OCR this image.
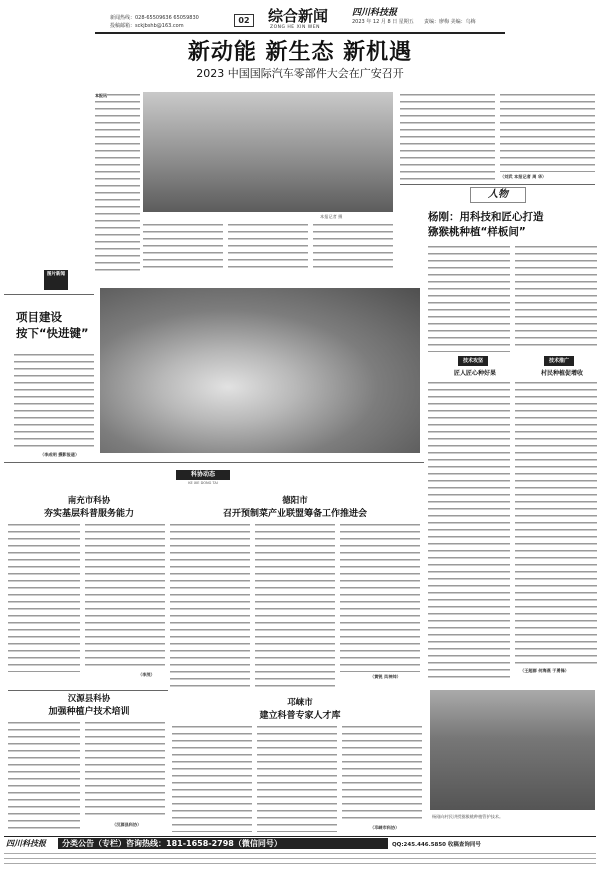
新闻热线：028-65509636 65059830
投稿邮箱：sckjbshb@163.com
02 综合新闻
ZONG HE XIN WEN
四川科技报
2023 年 12 月 8 日 星期五 责编：廖梅 美编：乌梅
新动能 新生态 新机遇
2023 中国国际汽车零部件大会在广安召开
本报讯
本报记者 摄
（刘武 本报记者 周 华）
人物
杨刚：用科技和匠心打造
猕猴桃种植“样板间”
技术攻坚
匠人匠心种好果
技术推广
村民种植促增收
（王超群 何海燕 于勇锋）
杨刚向村民讲授猕猴桃种植管护技术。
图片新闻
项目建设
按下“快进键”
（李成明 摄影报道）
科协动态
KE XIE DONG TAI
南充市科协
夯实基层科普服务能力
（李茂）
德阳市
召开预制菜产业联盟筹备工作推进会
（黄锐 凤神帅）
汉源县科协
加强种植户技术培训
（汉源县科协）
邛崃市
建立科普专家人才库
（邛崃市科协）
四川科技报	分类公告（专栏）咨询热线：181-1658-2798（微信同号）	QQ:245.446.5850 收稿查询同号
